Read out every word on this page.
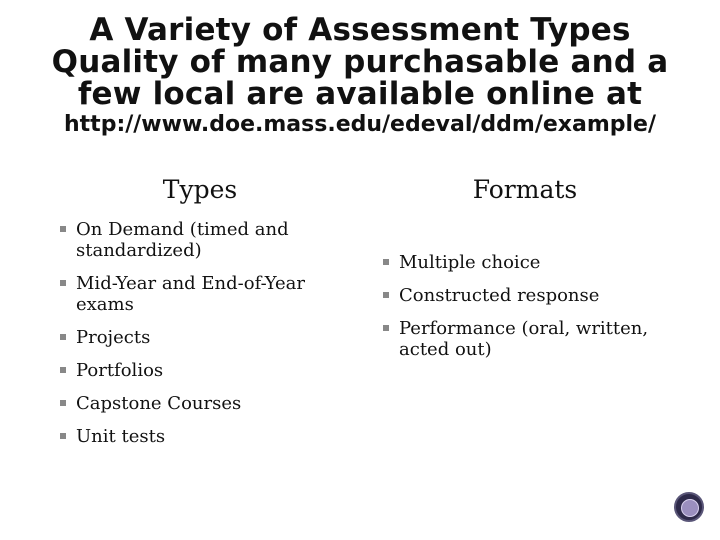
A Variety of Assessment Types
Quality of many purchasable and a
few local are available online at
http://www.doe.mass.edu/edeval/ddm/example/
Types	Formats
On Demand (timed and standardized)
Mid-Year and End-of-Year exams
Projects
Portfolios
Capstone Courses
Unit tests
Multiple choice
Constructed response
Performance (oral, written, acted out)
